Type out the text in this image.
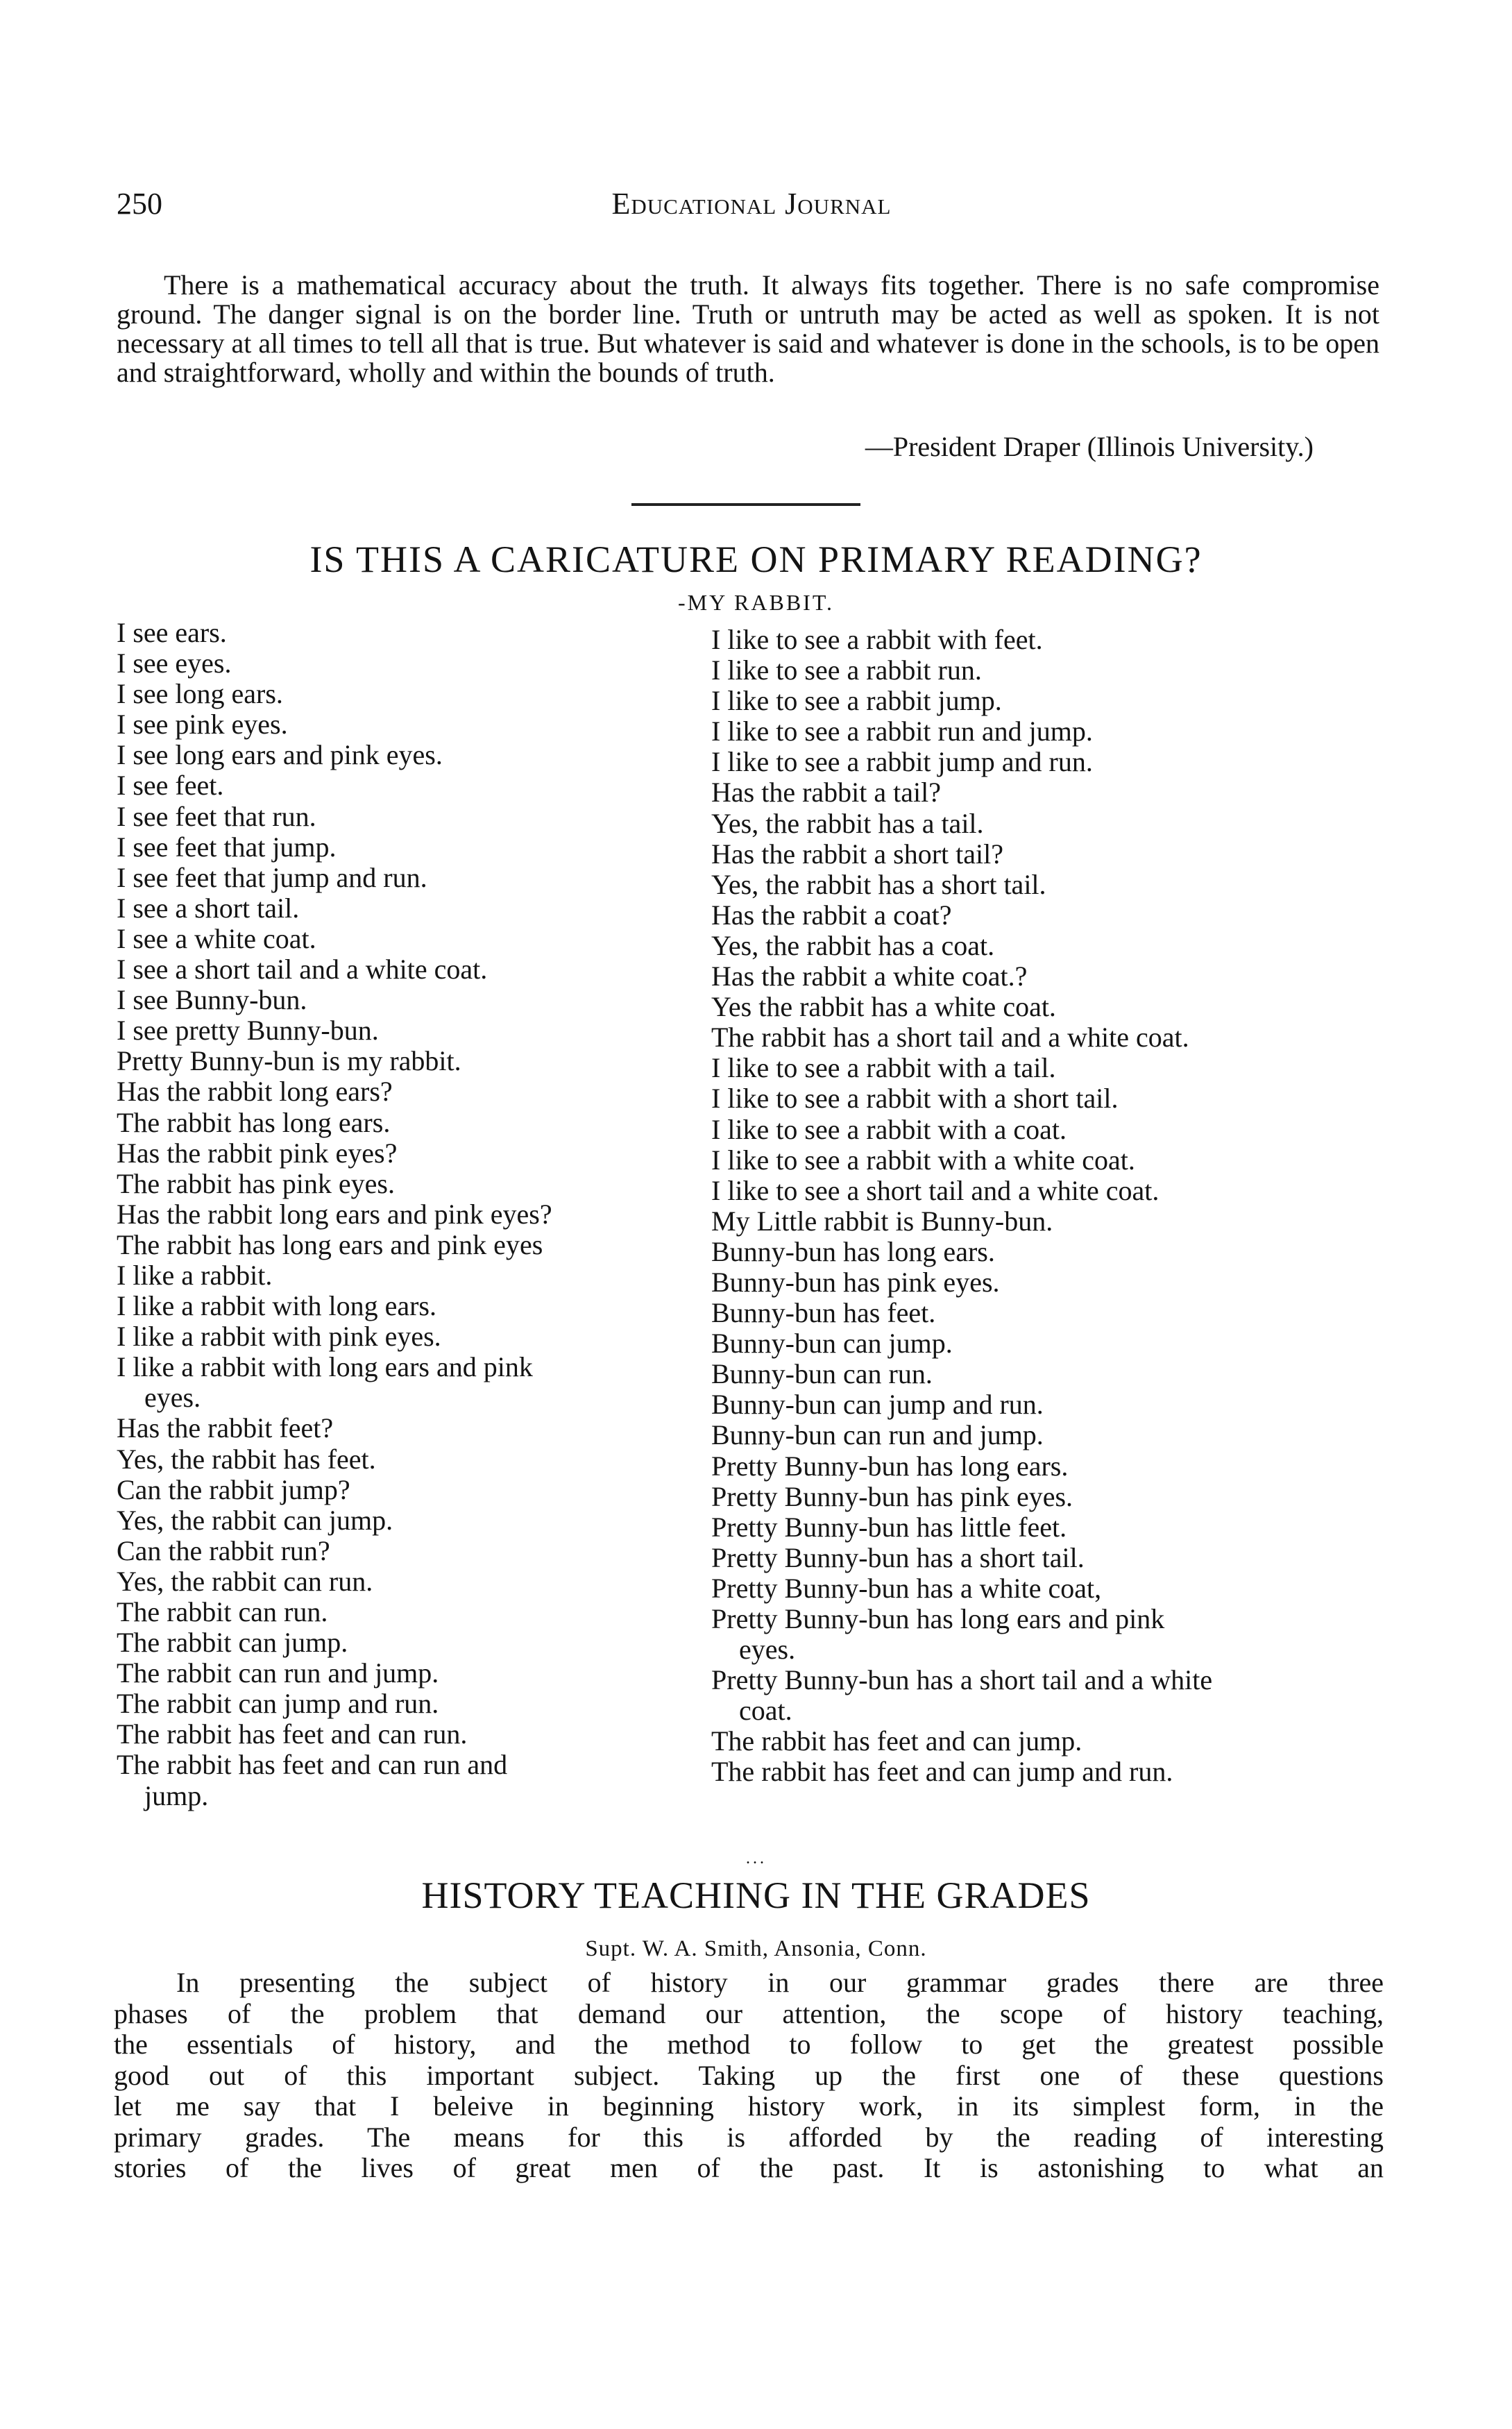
250	Educational Journal

There is a mathematical accuracy about the truth. It always fits together. There is no safe compromise ground. The danger signal is on the border line. Truth or untruth may be acted as well as spoken. It is not necessary at all times to tell all that is true. But whatever is said and whatever is done in the schools, is to be open and straightforward, wholly and within the bounds of truth.

—President Draper (Illinois University.)
IS THIS A CARICATURE ON PRIMARY READING?
-MY RABBIT.
I see ears.
I see eyes.
I see long ears.
I see pink eyes.
I see long ears and pink eyes.
I see feet.
I see feet that run.
I see feet that jump.
I see feet that jump and run.
I see a short tail.
I see a white coat.
I see a short tail and a white coat.
I see Bunny-bun.
I see pretty Bunny-bun.
Pretty Bunny-bun is my rabbit.
Has the rabbit long ears?
The rabbit has long ears.
Has the rabbit pink eyes?
The rabbit has pink eyes.
Has the rabbit long ears and pink eyes?
The rabbit has long ears and pink eyes
I like a rabbit.
I like a rabbit with long ears.
I like a rabbit with pink eyes.
I like a rabbit with long ears and pink
eyes.
Has the rabbit feet?
Yes, the rabbit has feet.
Can the rabbit jump?
Yes, the rabbit can jump.
Can the rabbit run?
Yes, the rabbit can run.
The rabbit can run.
The rabbit can jump.
The rabbit can run and jump.
The rabbit can jump and run.
The rabbit has feet and can run.
The rabbit has feet and can run and
jump.
I like to see a rabbit with feet.
I like to see a rabbit run.
I like to see a rabbit jump.
I like to see a rabbit run and jump.
I like to see a rabbit jump and run.
Has the rabbit a tail?
Yes, the rabbit has a tail.
Has the rabbit a short tail?
Yes, the rabbit has a short tail.
Has the rabbit a coat?
Yes, the rabbit has a coat.
Has the rabbit a white coat.?
Yes the rabbit has a white coat.
The rabbit has a short tail and a white coat.
I like to see a rabbit with a tail.
I like to see a rabbit with a short tail.
I like to see a rabbit with a coat.
I like to see a rabbit with a white coat.
I like to see a short tail and a white coat.
My Little rabbit is Bunny-bun.
Bunny-bun has long ears.
Bunny-bun has pink eyes.
Bunny-bun has feet.
Bunny-bun can jump.
Bunny-bun can run.
Bunny-bun can jump and run.
Bunny-bun can run and jump.
Pretty Bunny-bun has long ears.
Pretty Bunny-bun has pink eyes.
Pretty Bunny-bun has little feet.
Pretty Bunny-bun has a short tail.
Pretty Bunny-bun has a white coat,
Pretty Bunny-bun has long ears and pink
eyes.
Pretty Bunny-bun has a short tail and a white
coat.
The rabbit has feet and can jump.
The rabbit has feet and can jump and run.
...
HISTORY TEACHING IN THE GRADES
Supt. W. A. Smith, Ansonia, Conn.
In presenting the subject of history in our grammar grades there are three
phases of the problem that demand our attention, the scope of history teaching,
the essentials of history, and the method to follow to get the greatest possible
good out of this important subject. Taking up the first one of these questions
let me say that I beleive in beginning history work, in its simplest form, in the
primary grades. The means for this is afforded by the reading of interesting
stories of the lives of great men of the past. It is astonishing to what an
